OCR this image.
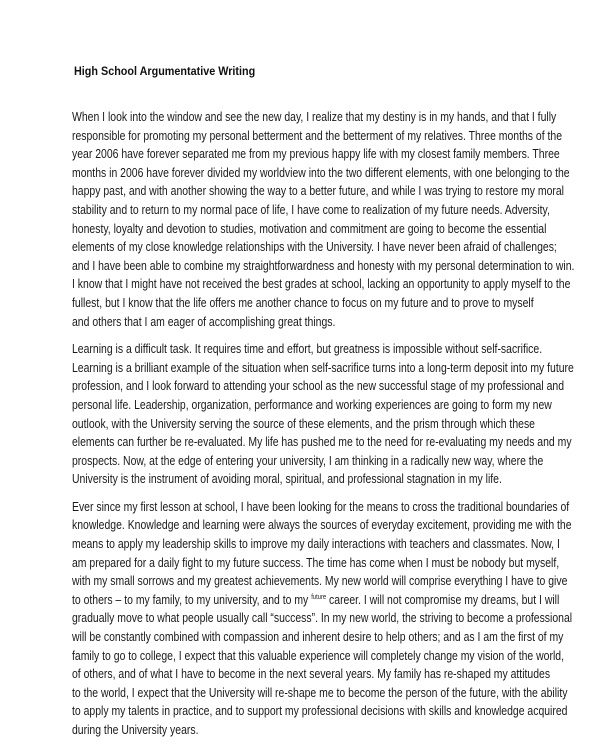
High School Argumentative Writing

When I look into the window and see the new day, I realize that my destiny is in my hands, and that I fully
responsible for promoting my personal betterment and the betterment of my relatives. Three months of the
year 2006 have forever separated me from my previous happy life with my closest family members. Three
months in 2006 have forever divided my worldview into the two different elements, with one belonging to the
happy past, and with another showing the way to a better future, and while I was trying to restore my moral
stability and to return to my normal pace of life, I have come to realization of my future needs. Adversity,
honesty, loyalty and devotion to studies, motivation and commitment are going to become the essential
elements of my close knowledge relationships with the University. I have never been afraid of challenges;
and I have been able to combine my straightforwardness and honesty with my personal determination to win.
I know that I might have not received the best grades at school, lacking an opportunity to apply myself to the
fullest, but I know that the life offers me another chance to focus on my future and to prove to myself
and others that I am eager of accomplishing great things.

Learning is a difficult task. It requires time and effort, but greatness is impossible without self-sacrifice.
Learning is a brilliant example of the situation when self-sacrifice turns into a long-term deposit into my future
profession, and I look forward to attending your school as the new successful stage of my professional and
personal life. Leadership, organization, performance and working experiences are going to form my new
outlook, with the University serving the source of these elements, and the prism through which these
elements can further be re-evaluated. My life has pushed me to the need for re-evaluating my needs and my
prospects. Now, at the edge of entering your university, I am thinking in a radically new way, where the
University is the instrument of avoiding moral, spiritual, and professional stagnation in my life.

Ever since my first lesson at school, I have been looking for the means to cross the traditional boundaries of
knowledge. Knowledge and learning were always the sources of everyday excitement, providing me with the
means to apply my leadership skills to improve my daily interactions with teachers and classmates. Now, I
am prepared for a daily fight to my future success. The time has come when I must be nobody but myself,
with my small sorrows and my greatest achievements. My new world will comprise everything I have to give
to others – to my family, to my university, and to my $^{future}$ career. I will not compromise my dreams, but I will
gradually move to what people usually call “success”. In my new world, the striving to become a professional
will be constantly combined with compassion and inherent desire to help others; and as I am the first of my
family to go to college, I expect that this valuable experience will completely change my vision of the world,
of others, and of what I have to become in the next several years. My family has re-shaped my attitudes
to the world, I expect that the University will re-shape me to become the person of the future, with the ability
to apply my talents in practice, and to support my professional decisions with skills and knowledge acquired
during the University years.
